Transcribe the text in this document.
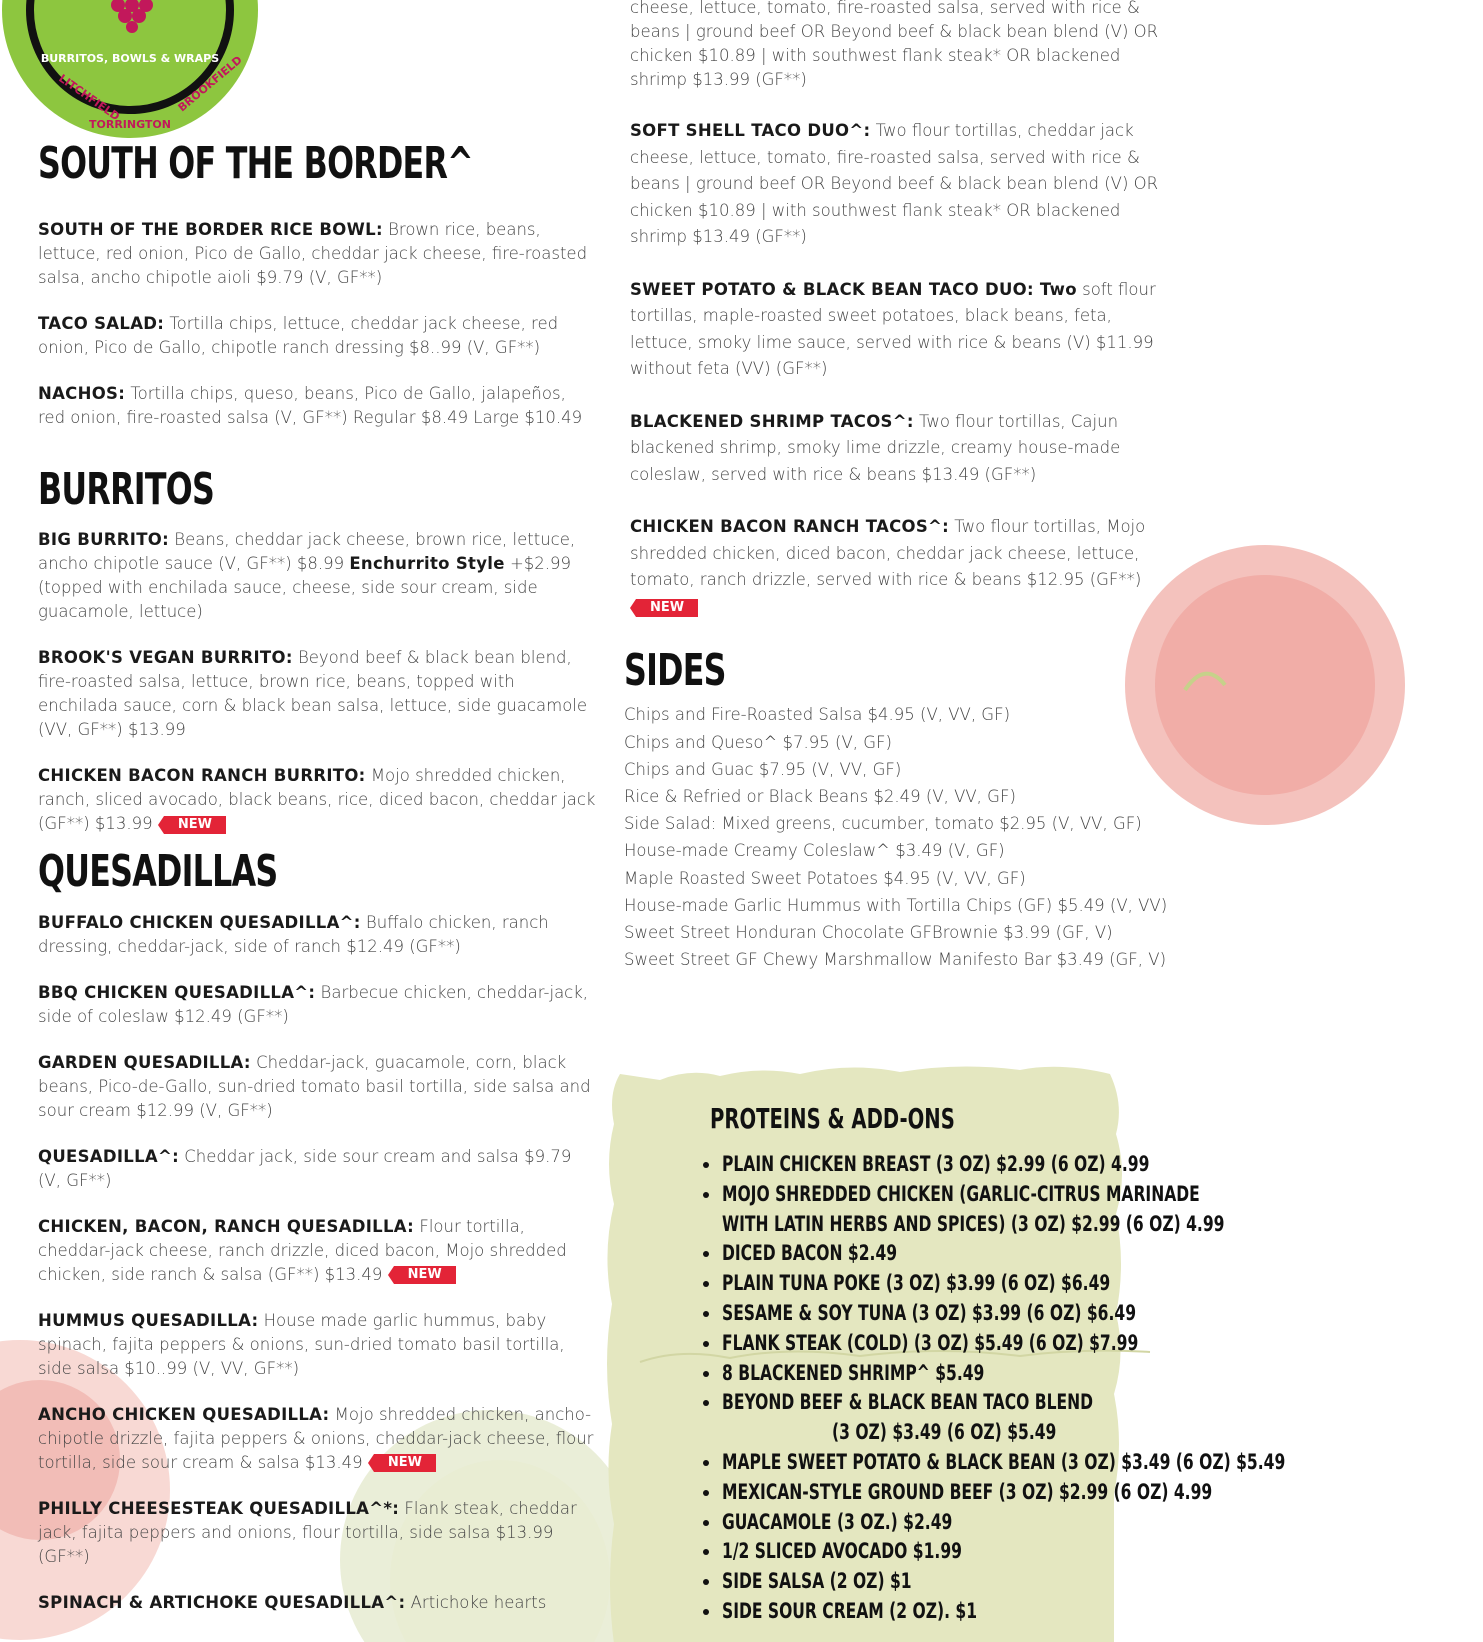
BURRITOS, BOWLS & WRAPS
LITCHFIELD
TORRINGTON
BROOKFIELD
SOUTH OF THE BORDER^

SOUTH OF THE BORDER RICE BOWL: Brown rice, beans, lettuce, red onion, Pico de Gallo, cheddar jack cheese, fire-roasted salsa, ancho chipotle aioli $9.79 (V, GF**)

TACO SALAD: Tortilla chips, lettuce, cheddar jack cheese, red onion, Pico de Gallo, chipotle ranch dressing $8..99 (V, GF**)

NACHOS: Tortilla chips, queso, beans, Pico de Gallo, jalapeños, red onion, fire-roasted salsa (V, GF**) Regular $8.49 Large $10.49

BURRITOS

BIG BURRITO: Beans, cheddar jack cheese, brown rice, lettuce, ancho chipotle sauce (V, GF**) $8.99 Enchurrito Style +$2.99 (topped with enchilada sauce, cheese, side sour cream, side guacamole, lettuce)

BROOK'S VEGAN BURRITO: Beyond beef & black bean blend, fire-roasted salsa, lettuce, brown rice, beans, topped with enchilada sauce, corn & black bean salsa, lettuce, side guacamole (VV, GF**) $13.99

CHICKEN BACON RANCH BURRITO: Mojo shredded chicken, ranch, sliced avocado, black beans, rice, diced bacon, cheddar jack (GF**) $13.99 NEW

QUESADILLAS

BUFFALO CHICKEN QUESADILLA^: Buffalo chicken, ranch dressing, cheddar-jack, side of ranch $12.49 (GF**)

BBQ CHICKEN QUESADILLA^: Barbecue chicken, cheddar-jack, side of coleslaw $12.49 (GF**)

GARDEN QUESADILLA: Cheddar-jack, guacamole, corn, black beans, Pico-de-Gallo, sun-dried tomato basil tortilla, side salsa and sour cream $12.99 (V, GF**)

QUESADILLA^: Cheddar jack, side sour cream and salsa $9.79 (V, GF**)

CHICKEN, BACON, RANCH QUESADILLA: Flour tortilla, cheddar-jack cheese, ranch drizzle, diced bacon, Mojo shredded chicken, side ranch & salsa (GF**) $13.49 NEW

HUMMUS QUESADILLA: House made garlic hummus, baby spinach, fajita peppers & onions, sun-dried tomato basil tortilla, side salsa $10..99 (V, VV, GF**)

ANCHO CHICKEN QUESADILLA: Mojo shredded chicken, ancho-chipotle drizzle, fajita peppers & onions, cheddar-jack cheese, flour tortilla, side sour cream & salsa $13.49 NEW

PHILLY CHEESESTEAK QUESADILLA^*: Flank steak, cheddar jack, fajita peppers and onions, flour tortilla, side salsa $13.99 (GF**)

SPINACH & ARTICHOKE QUESADILLA^: Artichoke hearts

cheese, lettuce, tomato, fire-roasted salsa, served with rice & beans | ground beef OR Beyond beef & black bean blend (V) OR chicken $10.89 | with southwest flank steak* OR blackened shrimp $13.99 (GF**)

SOFT SHELL TACO DUO^: Two flour tortillas, cheddar jack cheese, lettuce, tomato, fire-roasted salsa, served with rice & beans | ground beef OR Beyond beef & black bean blend (V) OR chicken $10.89 | with southwest flank steak* OR blackened shrimp $13.49 (GF**)

SWEET POTATO & BLACK BEAN TACO DUO: Two soft flour tortillas, maple-roasted sweet potatoes, black beans, feta, lettuce, smoky lime sauce, served with rice & beans (V) $11.99 without feta (VV) (GF**)

BLACKENED SHRIMP TACOS^: Two flour tortillas, Cajun blackened shrimp, smoky lime drizzle, creamy house-made coleslaw, served with rice & beans $13.49 (GF**)

CHICKEN BACON RANCH TACOS^: Two flour tortillas, Mojo shredded chicken, diced bacon, cheddar jack cheese, lettuce, tomato, ranch drizzle, served with rice & beans $12.95 (GF**)

NEW
SIDES

Chips and Fire-Roasted Salsa $4.95 (V, VV, GF)

Chips and Queso^ $7.95 (V, GF)

Chips and Guac $7.95 (V, VV, GF)

Rice & Refried or Black Beans $2.49 (V, VV, GF)

Side Salad: Mixed greens, cucumber, tomato $2.95 (V, VV, GF)

House-made Creamy Coleslaw^ $3.49 (V, GF)

Maple Roasted Sweet Potatoes $4.95 (V, VV, GF)

House-made Garlic Hummus with Tortilla Chips (GF) $5.49 (V, VV)

Sweet Street Honduran Chocolate GFBrownie $3.99 (GF, V)

Sweet Street GF Chewy Marshmallow Manifesto Bar $3.49 (GF, V)

PROTEINS & ADD-ONS
• PLAIN CHICKEN BREAST (3 OZ) $2.99 (6 OZ) 4.99
• MOJO SHREDDED CHICKEN (GARLIC-CITRUS MARINADE
WITH LATIN HERBS AND SPICES) (3 OZ) $2.99 (6 OZ) 4.99
• DICED BACON $2.49
• PLAIN TUNA POKE (3 OZ) $3.99 (6 OZ) $6.49
• SESAME & SOY TUNA (3 OZ) $3.99 (6 OZ) $6.49
• FLANK STEAK (COLD) (3 OZ) $5.49 (6 OZ) $7.99
• 8 BLACKENED SHRIMP^ $5.49
• BEYOND BEEF & BLACK BEAN TACO BLEND
(3 OZ) $3.49 (6 OZ) $5.49
• MAPLE SWEET POTATO & BLACK BEAN (3 OZ) $3.49 (6 OZ) $5.49
• MEXICAN-STYLE GROUND BEEF (3 OZ) $2.99 (6 OZ) 4.99
• GUACAMOLE (3 OZ.) $2.49
• 1/2 SLICED AVOCADO $1.99
• SIDE SALSA (2 OZ) $1
• SIDE SOUR CREAM (2 OZ). $1
